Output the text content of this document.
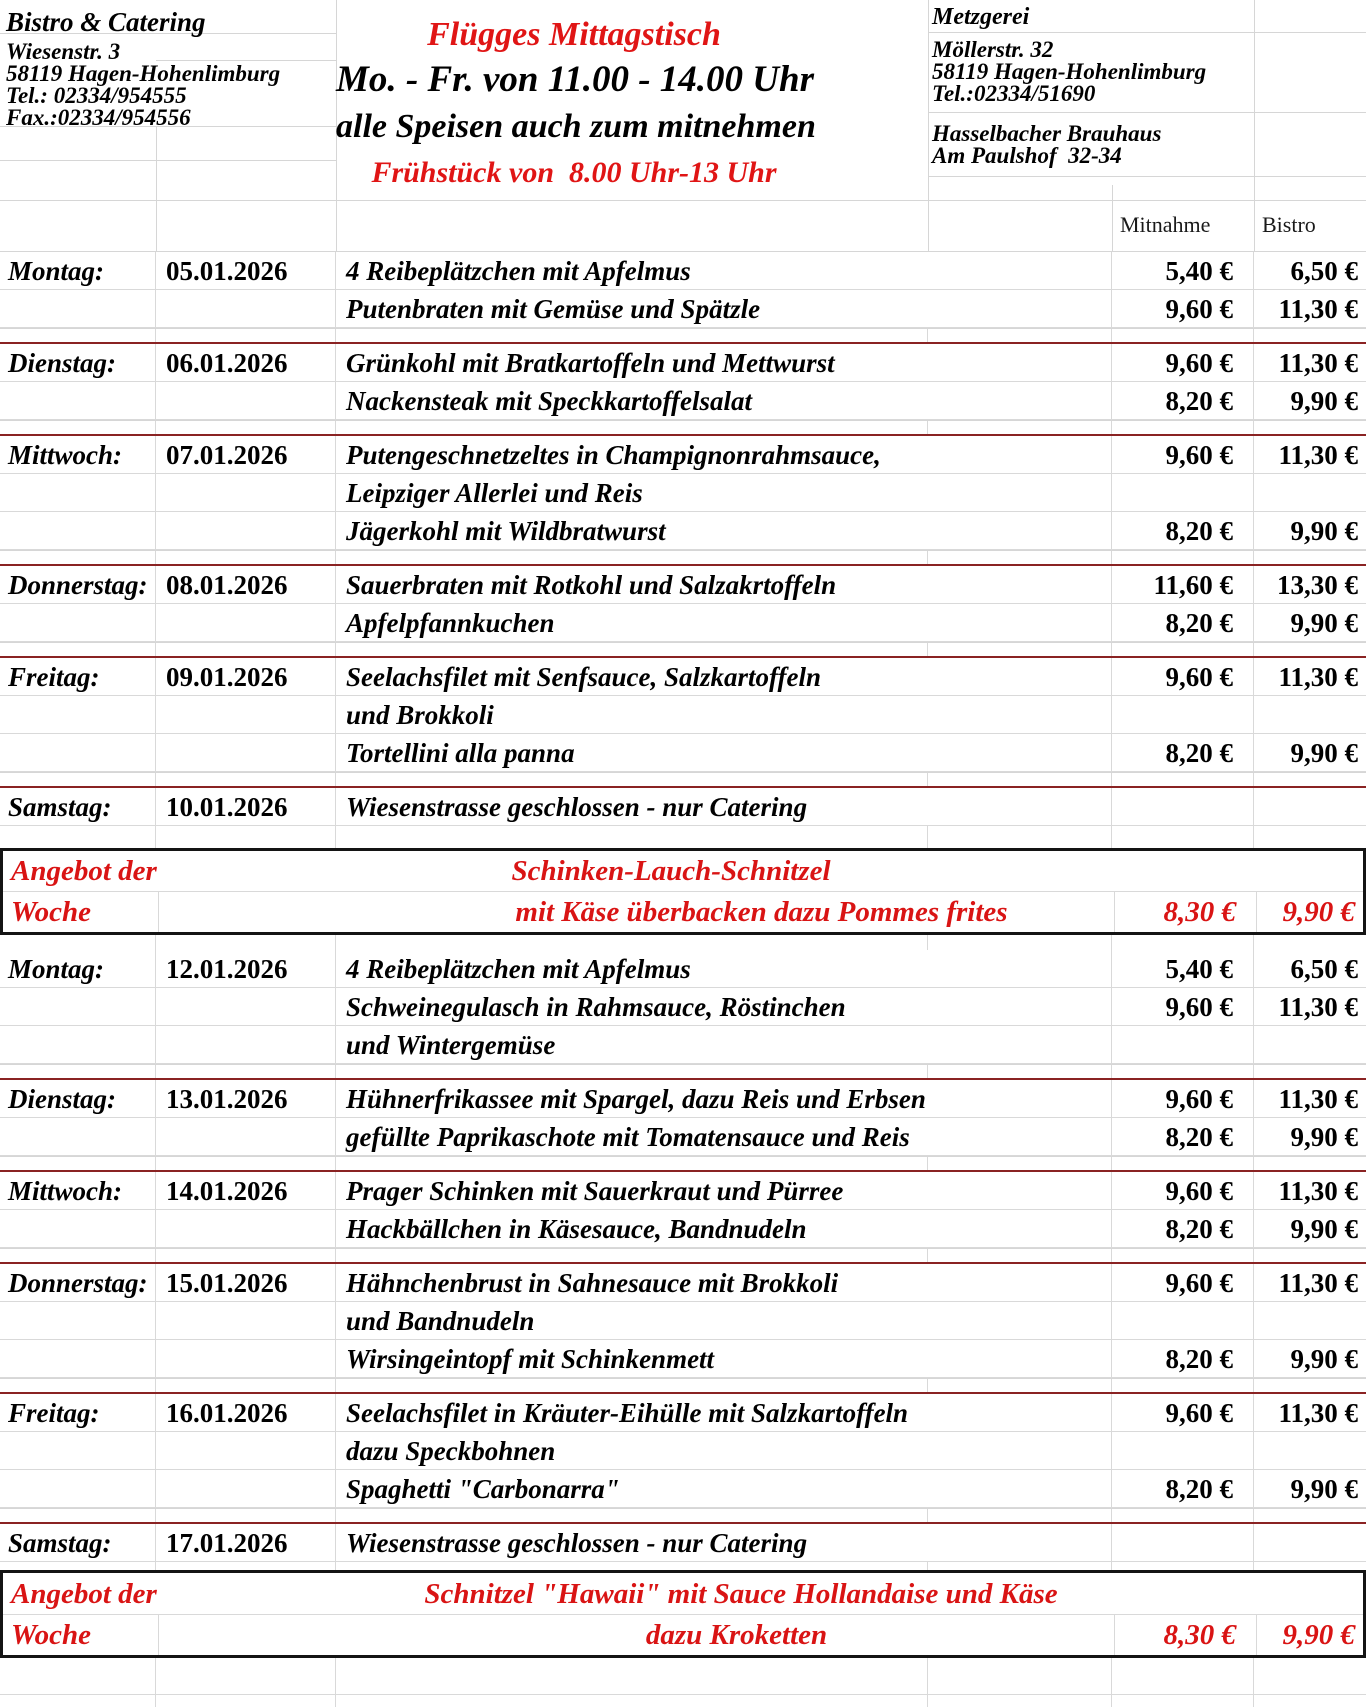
Bistro & Catering
Wiesenstr. 3
58119 Hagen-Hohenlimburg
Tel.: 02334/954555
Fax.:02334/954556
Flügges Mittagstisch
Mo. - Fr. von 11.00 - 14.00 Uhr
alle Speisen auch zum mitnehmen
Frühstück von  8.00 Uhr-13 Uhr
Metzgerei
Möllerstr. 32
58119 Hagen-Hohenlimburg
Tel.:02334/51690
Hasselbacher Brauhaus
Am Paulshof  32-34
Mitnahme Bistro
Montag:	05.01.2026	4 Reibeplätzchen mit Apfelmus	5,40 €	6,50 €
Putenbraten mit Gemüse und Spätzle	9,60 €	11,30 €
Dienstag:	06.01.2026	Grünkohl mit Bratkartoffeln und Mettwurst	9,60 €	11,30 €
Nackensteak mit Speckkartoffelsalat	8,20 €	9,90 €
Mittwoch:	07.01.2026	Putengeschnetzeltes in Champignonrahmsauce,	9,60 €	11,30 €
Leipziger Allerlei und Reis
Jägerkohl mit Wildbratwurst	8,20 €	9,90 €
Donnerstag: 08.01.2026	Sauerbraten mit Rotkohl und Salzakrtoffeln	11,60 €	13,30 €
Apfelpfannkuchen	8,20 €	9,90 €
Freitag:	09.01.2026	Seelachsfilet mit Senfsauce, Salzkartoffeln	9,60 €	11,30 €
und Brokkoli
Tortellini alla panna	8,20 €	9,90 €
Samstag:	10.01.2026	Wiesenstrasse geschlossen - nur Catering
Angebot der	Schinken-Lauch-Schnitzel
Woche	mit Käse überbacken dazu Pommes frites	8,30 €	9,90 €
Montag:	12.01.2026	4 Reibeplätzchen mit Apfelmus	5,40 €	6,50 €
Schweinegulasch in Rahmsauce, Röstinchen	9,60 €	11,30 €
und Wintergemüse
Dienstag:	13.01.2026	Hühnerfrikassee mit Spargel, dazu Reis und Erbsen	9,60 €	11,30 €
gefüllte Paprikaschote mit Tomatensauce und Reis	8,20 €	9,90 €
Mittwoch:	14.01.2026	Prager Schinken mit Sauerkraut und Pürree	9,60 €	11,30 €
Hackbällchen in Käsesauce, Bandnudeln	8,20 €	9,90 €
Donnerstag: 15.01.2026	Hähnchenbrust in Sahnesauce mit Brokkoli	9,60 €	11,30 €
und Bandnudeln
Wirsingeintopf mit Schinkenmett	8,20 €	9,90 €
Freitag:	16.01.2026	Seelachsfilet in Kräuter-Eihülle mit Salzkartoffeln	9,60 €	11,30 €
dazu Speckbohnen
Spaghetti "Carbonarra"	8,20 €	9,90 €
Samstag:	17.01.2026	Wiesenstrasse geschlossen - nur Catering
Angebot der	Schnitzel "Hawaii" mit Sauce Hollandaise und Käse
Woche	dazu Kroketten	8,30 €	9,90 €
